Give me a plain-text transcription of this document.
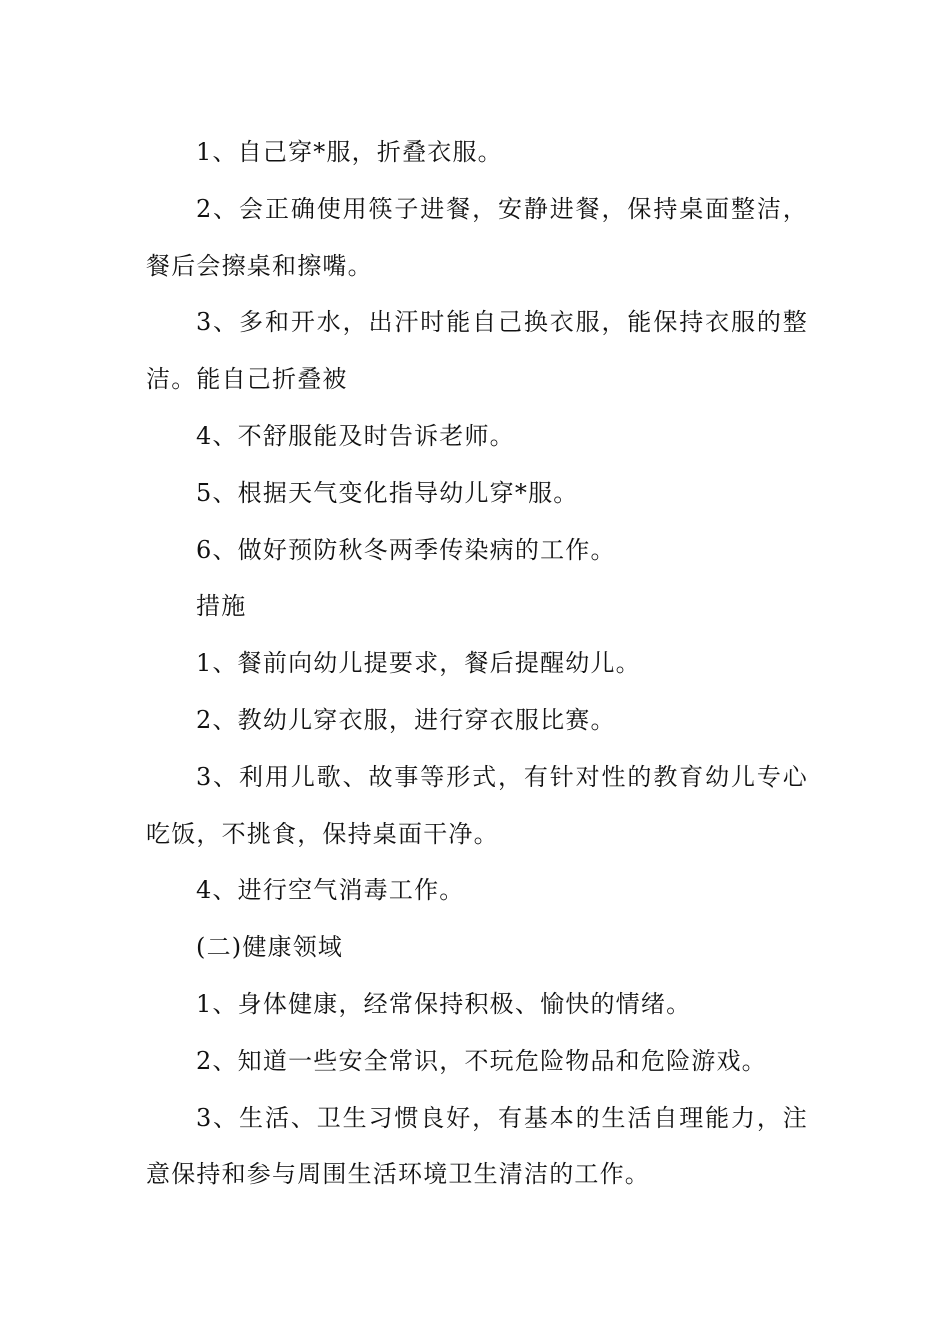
1、自己穿*服，折叠衣服。

2、会正确使用筷子进餐，安静进餐，保持桌面整洁，餐后会擦桌和擦嘴。

3、多和开水，出汗时能自己换衣服，能保持衣服的整洁。能自己折叠被

4、不舒服能及时告诉老师。

5、根据天气变化指导幼儿穿*服。

6、做好预防秋冬两季传染病的工作。

措施

1、餐前向幼儿提要求，餐后提醒幼儿。

2、教幼儿穿衣服，进行穿衣服比赛。

3、利用儿歌、故事等形式，有针对性的教育幼儿专心吃饭，不挑食，保持桌面干净。

4、进行空气消毒工作。

(二)健康领域

1、身体健康，经常保持积极、愉快的情绪。

2、知道一些安全常识，不玩危险物品和危险游戏。

3、生活、卫生习惯良好，有基本的生活自理能力，注意保持和参与周围生活环境卫生清洁的工作。
